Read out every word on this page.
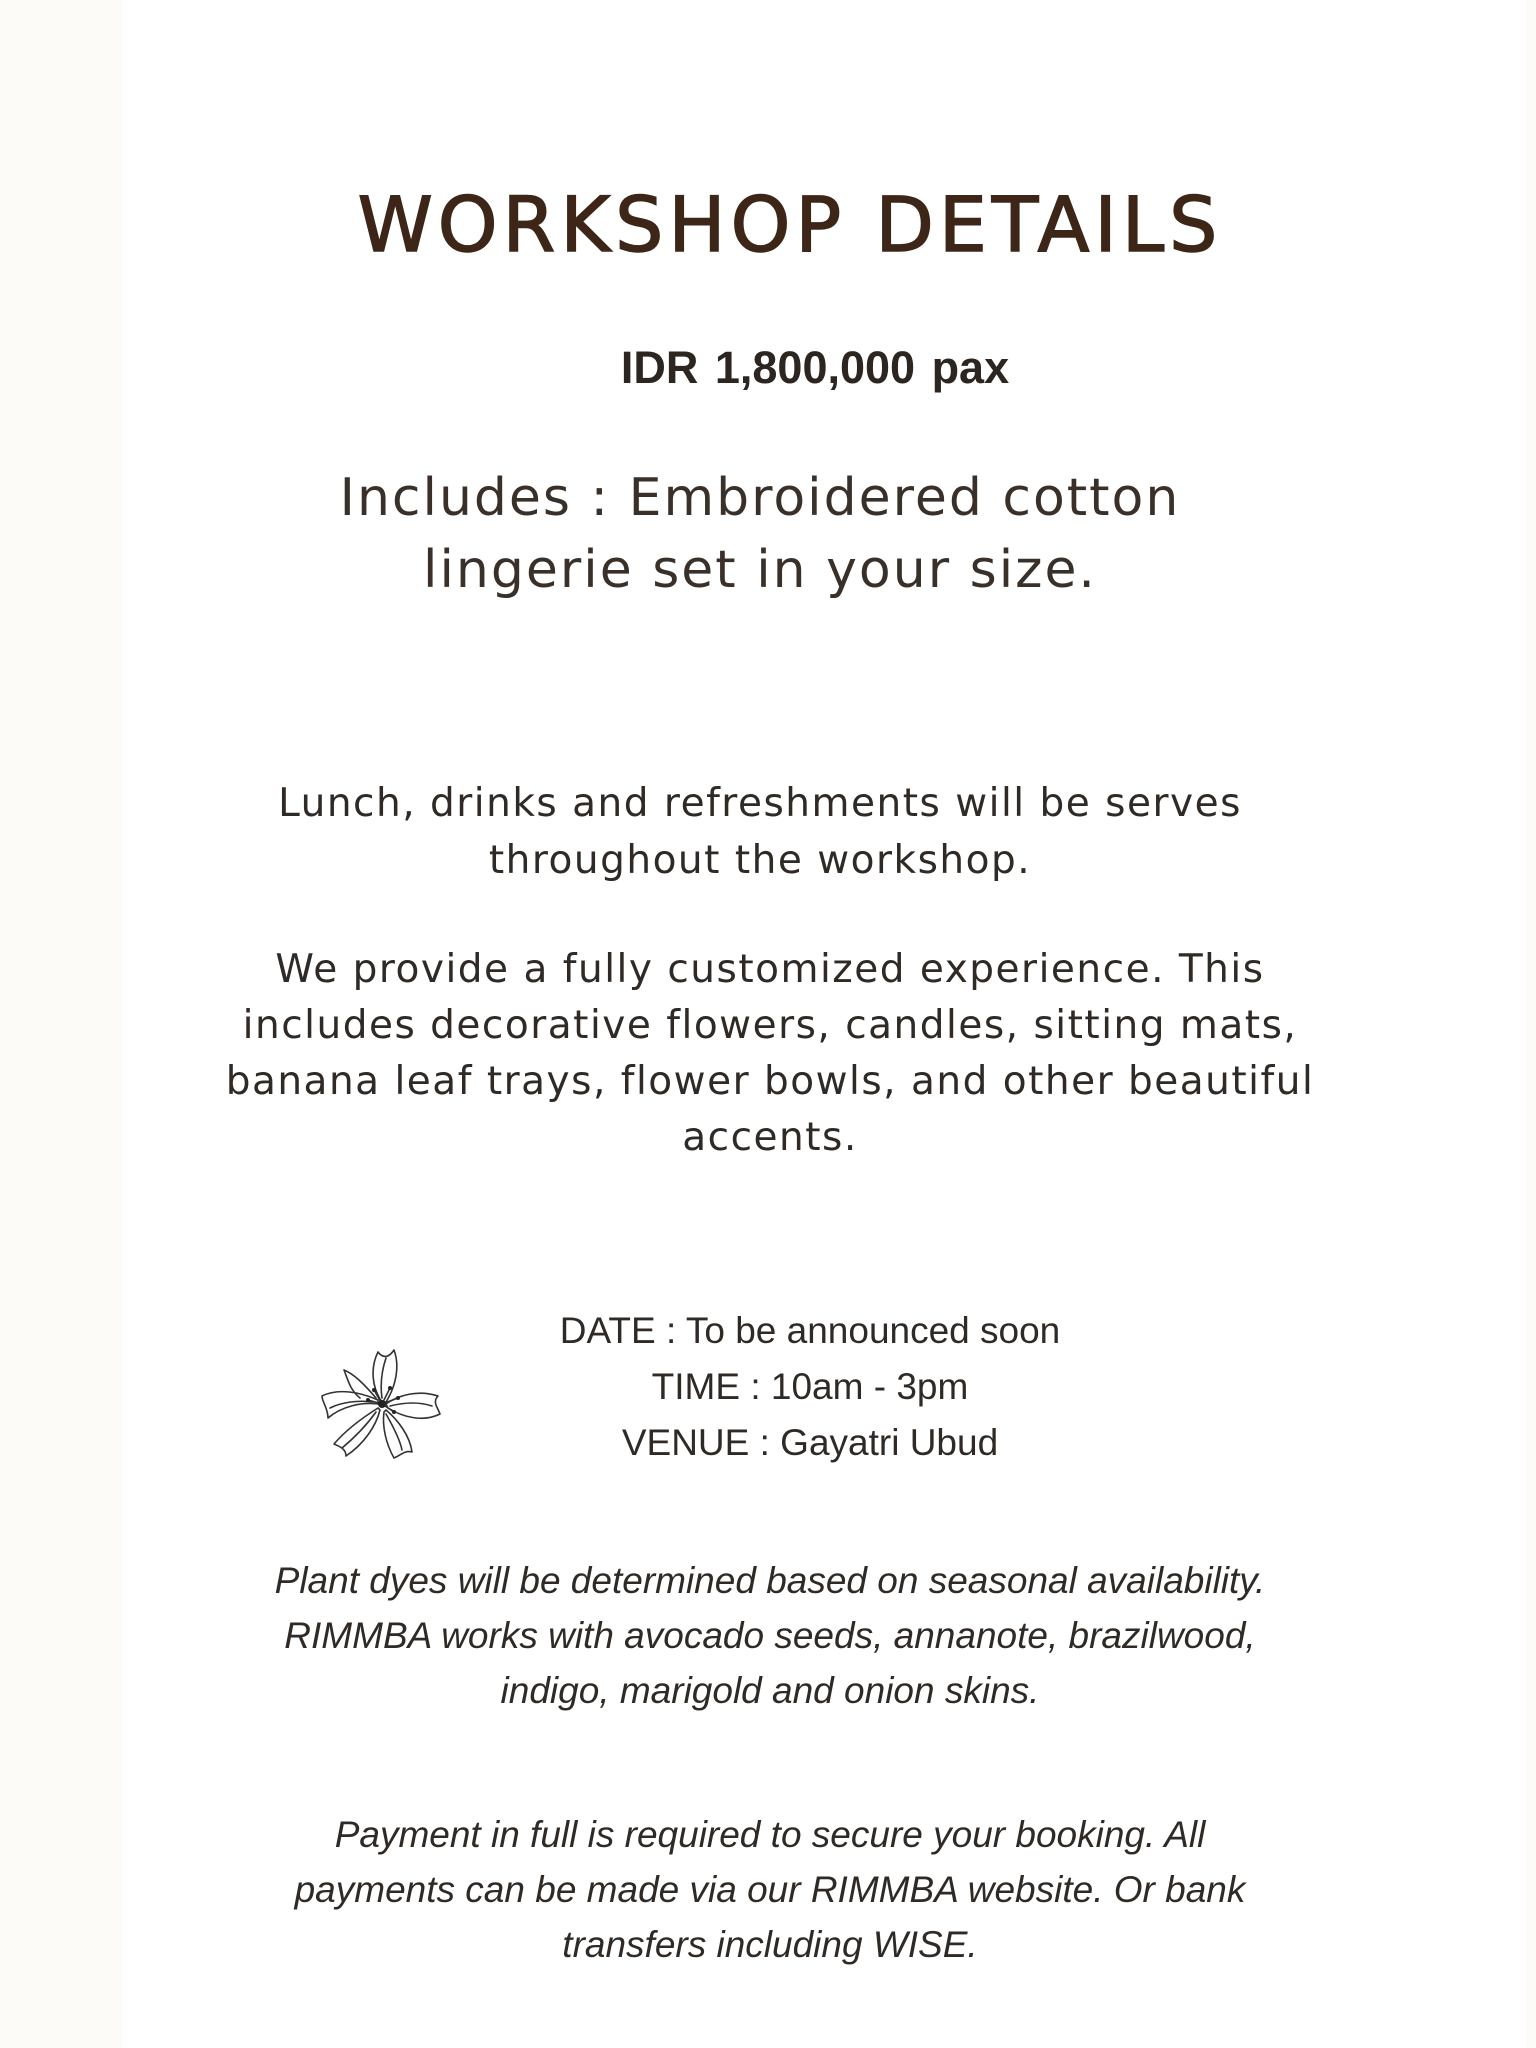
WORKSHOP DETAILS
IDR 1,800,000 pax

Includes : Embroidered cotton

lingerie set in your size.

Lunch, drinks and refreshments will be serves

throughout the workshop.

We provide a fully customized experience. This

includes decorative flowers, candles, sitting mats,

banana leaf trays, flower bowls, and other beautiful

accents.

DATE : To be announced soon
TIME : 10am - 3pm
VENUE : Gayatri Ubud

Plant dyes will be determined based on seasonal availability.

RIMMBA works with avocado seeds, annanote, brazilwood,

indigo, marigold and onion skins.

Payment in full is required to secure your booking. All

payments can be made via our RIMMBA website. Or bank

transfers including WISE.
